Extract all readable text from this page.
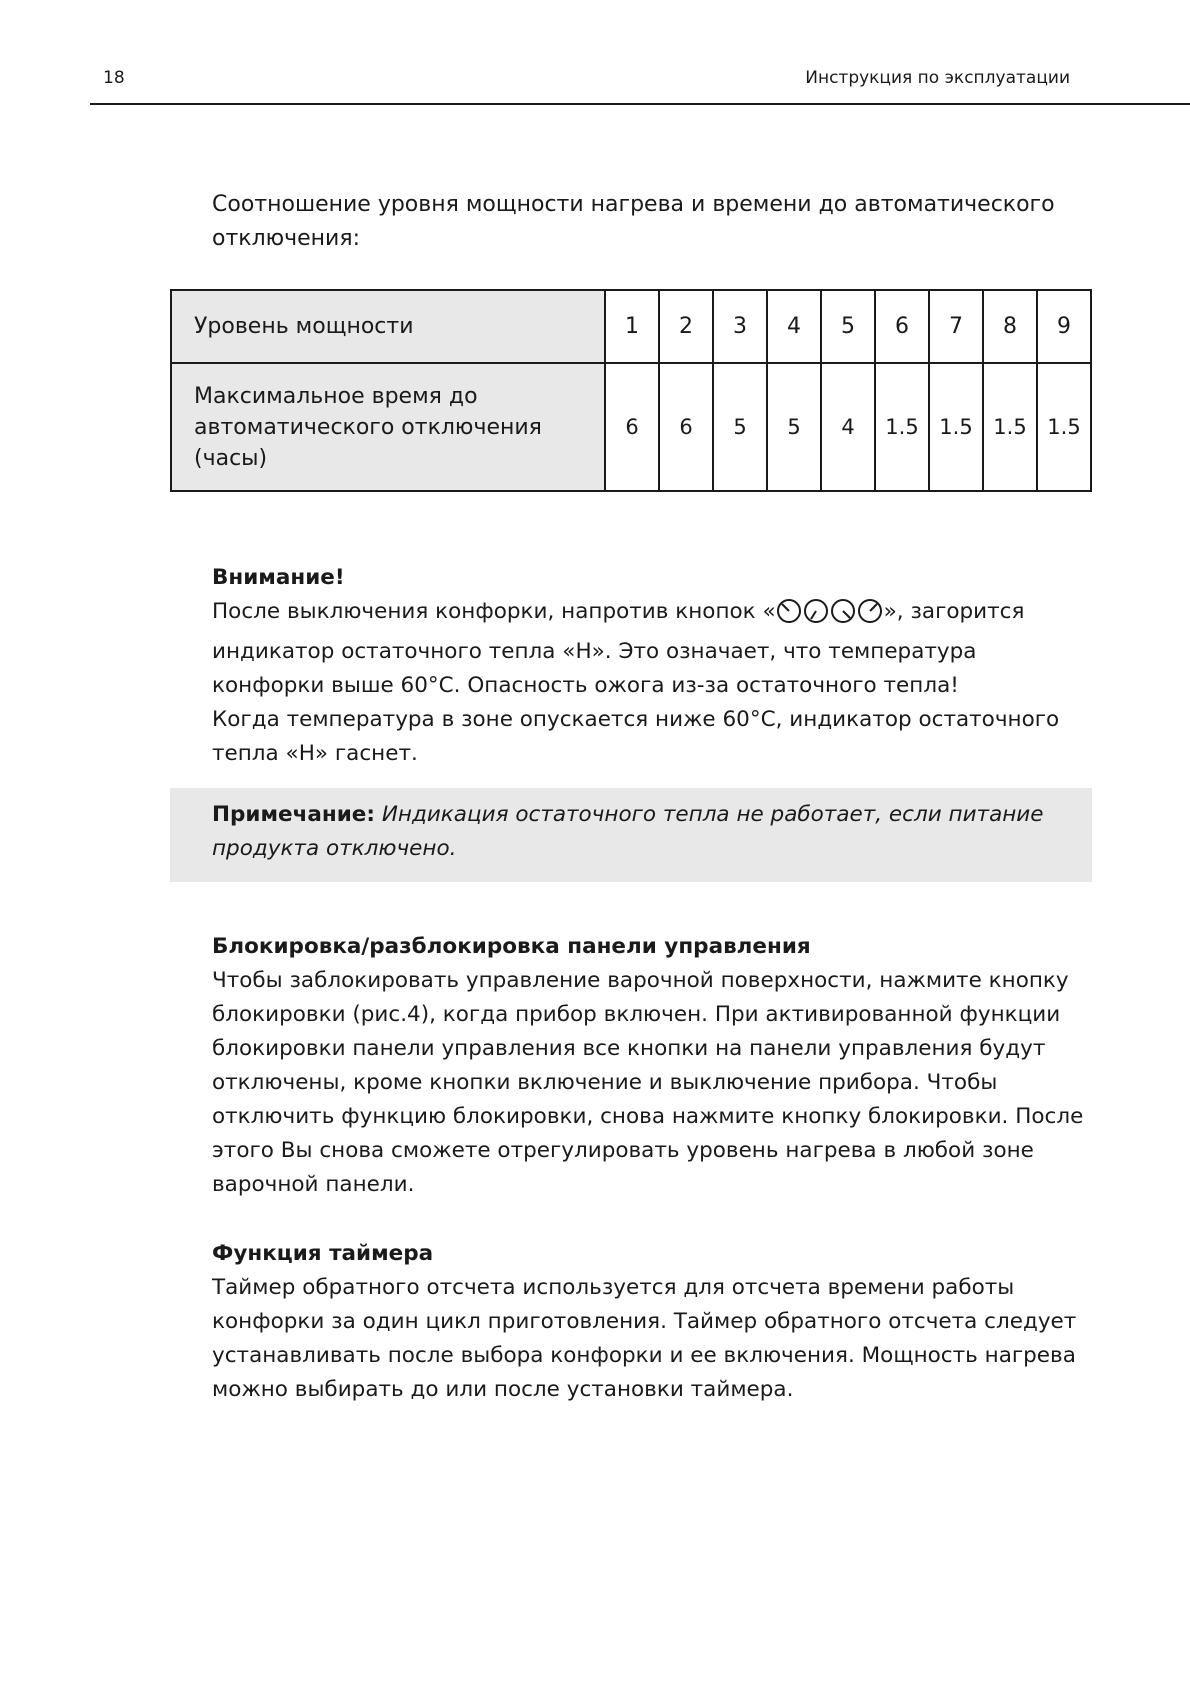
18	Инструкция по эксплуатации

Соотношение уровня мощности нагрева и времени до автоматического отключения:

Уровень мощности	1	2	3	4	5	6	7	8	9
Максимальное время до автоматического отключения (часы)	6	6	5	5	4	1.5	1.5	1.5	1.5
Внимание!
После выключения конфорки, напротив кнопок «	», загорится индикатор остаточного тепла «Н». Это означает, что температура конфорки выше 60°С. Опасность ожога из-за остаточного тепла!
Когда температура в зоне опускается ниже 60°С, индикатор остаточного тепла «Н» гаснет.

Примечание: Индикация остаточного тепла не работает, если питание продукта отключено.

Блокировка/разблокировка панели управления
Чтобы заблокировать управление варочной поверхности, нажмите кнопку блокировки (рис.4), когда прибор включен. При активированной функции блокировки панели управления все кнопки на панели управления будут отключены, кроме кнопки включение и выключение прибора. Чтобы отключить функцию блокировки, снова нажмите кнопку блокировки. После этого Вы снова сможете отрегулировать уровень нагрева в любой зоне варочной панели.
Функция таймера
Таймер обратного отсчета используется для отсчета времени работы конфорки за один цикл приготовления. Таймер обратного отсчета следует устанавливать после выбора конфорки и ее включения. Мощность нагрева можно выбирать до или после установки таймера.
